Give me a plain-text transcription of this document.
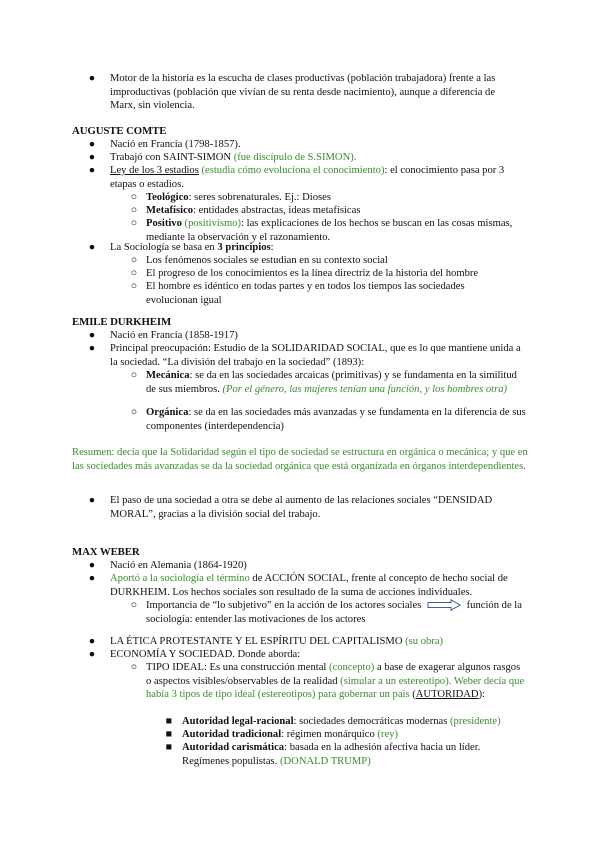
● Motor de la historia es la escucha de clases productivas (población trabajadora) frente a las improductivas (población que vivían de su renta desde nacimiento), aunque a diferencia de Marx, sin violencia.
AUGUSTE COMTE
● Nació en Francia (1798-1857).
● Trabajó con SAINT-SIMON (fue discípulo de S.SIMON).
● Ley de los 3 estadios (estudia cómo evoluciona el conocimiento): el conocimiento pasa por 3 etapas o estadios.
○ Teológico: seres sobrenaturales. Ej.: Dioses
○ Metafísico: entidades abstractas, ideas metafísicas
○ Positivo (positivismo): las explicaciones de los hechos se buscan en las cosas mismas, mediante la observación y el razonamiento.
● La Sociología se basa en 3 principios:
○ Los fenómenos sociales se estudian en su contexto social
○ El progreso de los conocimientos es la línea directriz de la historia del hombre
○ El hombre es idéntico en todas partes y en todos los tiempos las sociedades evolucionan igual
EMILE DURKHEIM
● Nació en Francia (1858-1917)
● Principal preocupación: Estudio de la SOLIDARIDAD SOCIAL, que es lo que mantiene unida a la sociedad. “La división del trabajo en la sociedad” (1893):
○ Mecánica: se da en las sociedades arcaicas (primitivas) y se fundamenta en la similitud de sus miembros. (Por el género, las mujeres tenían una función, y los hombres otra)
○ Orgánica: se da en las sociedades más avanzadas y se fundamenta en la diferencia de sus componentes (interdependencia)
Resumen: decía que la Solidaridad según el tipo de sociedad se estructura en orgánica o mecánica; y que en las sociedades más avanzadas se da la sociedad orgánica que está organizada en órganos interdependientes.
● El paso de una sociedad a otra se debe al aumento de las relaciones sociales “DENSIDAD MORAL”, gracias a la división social del trabajo.
MAX WEBER
● Nació en Alemania (1864-1920)
● Aportó a la sociología el término de ACCIÓN SOCIAL, frente al concepto de hecho social de DURKHEIM. Los hechos sociales son resultado de la suma de acciones individuales.
○ Importancia de “lo subjetivo” en la acción de los actores sociales	función de la sociología: entender las motivaciones de los actores
● LA ÉTICA PROTESTANTE Y EL ESPÍRITU DEL CAPITALISMO (su obra)
● ECONOMÍA Y SOCIEDAD. Donde aborda:
○ TIPO IDEAL: Es una construcción mental (concepto) a base de exagerar algunos rasgos o aspectos visibles/observables de la realidad (simular a un estereotipo). Weber decía que había 3 tipos de tipo ideal (estereotipos) para gobernar un país (AUTORIDAD):
■ Autoridad legal-racional: sociedades democráticas modernas (presidente)
■ Autoridad tradicional: régimen monárquico (rey)
■ Autoridad carismática: basada en la adhesión afectiva hacia un líder. Regímenes populistas. (DONALD TRUMP)
